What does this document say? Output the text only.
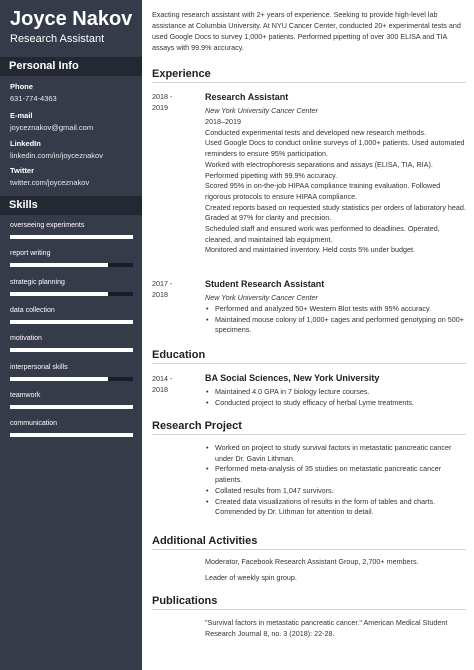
Joyce Nakov
Research Assistant
Personal Info
Phone
631-774-4363
E-mail
joyceznakov@gmail.com
LinkedIn
linkedin.com/in/joyceznakov
Twitter
twitter.com/joyceznakov
Skills
overseeing experiments
report writing
strategic planning
data collection
motivation
interpersonal skills
teamwork
communication
Exacting research assistant with 2+ years of experience. Seeking to provide high-level lab assistance at Columbia University. At NYU Cancer Center, conducted 20+ experimental tests and used Google Docs to survey 1,000+ patients. Performed pipetting of over 300 ELISA and TIA assays with 99.9% accuracy.
Experience
2018 - 2019
Research Assistant
New York University Cancer Center
2018–2019
Conducted experimental tests and developed new research methods.
Used Google Docs to conduct online surveys of 1,000+ patients. Used automated reminders to ensure 95% participation.
Worked with electrophoresis separations and assays (ELISA, TIA, RIA).
Performed pipetting with 99.9% accuracy.
Scored 95% in on-the-job HIPAA compliance training evaluation. Followed rigorous protocols to ensure HIPAA compliance.
Created reports based on requested study statistics per orders of laboratory head. Graded at 97% for clarity and precision.
Scheduled staff and ensured work was performed to deadlines. Operated, cleaned, and maintained lab equipment.
Monitored and maintained inventory. Held costs 5% under budget.
2017 - 2018
Student Research Assistant
New York University Cancer Center
• Performed and analyzed 50+ Western Blot tests with 95% accuracy.
• Maintained mouse colony of 1,000+ cages and performed genotyping on 500+ specimens.
Education
2014 - 2018
BA Social Sciences, New York University
• Maintained 4.0 GPA in 7 biology lecture courses.
• Conducted project to study efficacy of herbal Lyme treatments.
Research Project
• Worked on project to study survival factors in metastatic pancreatic cancer under Dr. Gavin Lithman.
• Performed meta-analysis of 35 studies on metastatic pancreatic cancer patients.
• Collated results from 1,047 survivors.
• Created data visualizations of results in the form of tables and charts. Commended by Dr. Lithman for attention to detail.
Additional Activities
Moderator, Facebook Research Assistant Group, 2,700+ members.
Leader of weekly spin group.
Publications
"Survival factors in metastatic pancreatic cancer." American Medical Student Research Journal 8, no. 3 (2018): 22-28.
